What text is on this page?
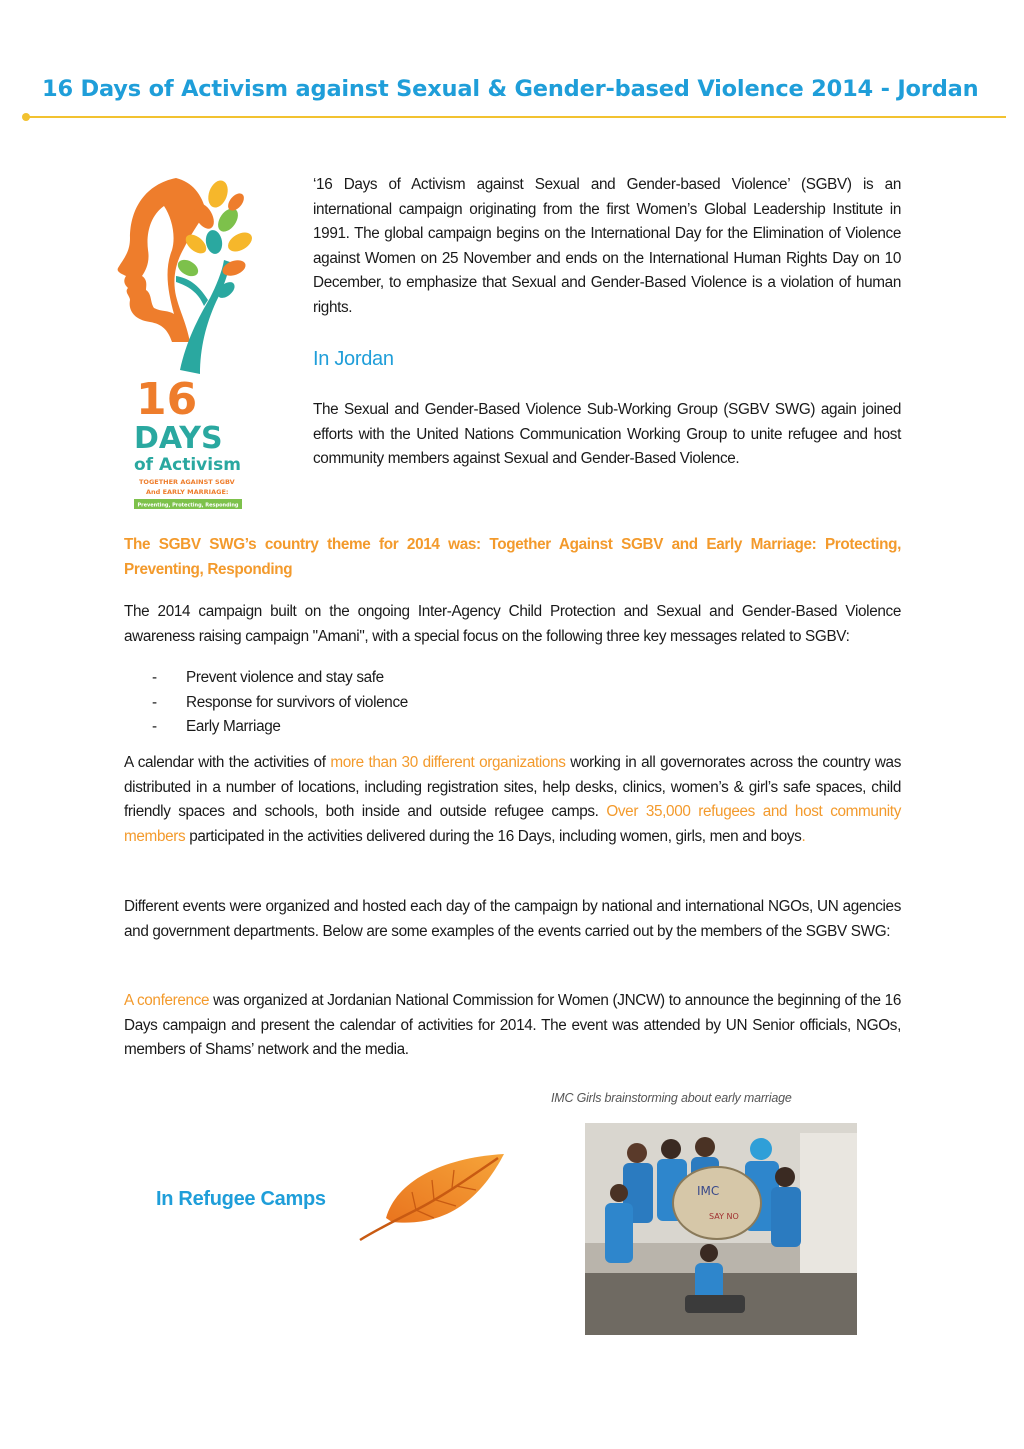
16 Days of Activism against Sexual & Gender-based Violence 2014 - Jordan
16
DAYS
of Activism
TOGETHER AGAINST SGBV
And EARLY MARRIAGE:
Preventing, Protecting, Responding

‘16 Days of Activism against Sexual and Gender-based Violence’ (SGBV) is an international campaign originating from the first Women’s Global Leadership Institute in 1991. The global campaign begins on the International Day for the Elimination of Violence against Women on 25 November and ends on the International Human Rights Day on 10 December, to emphasize that Sexual and Gender-Based Violence is a violation of human rights.

In Jordan

The Sexual and Gender-Based Violence Sub-Working Group (SGBV SWG) again joined efforts with the United Nations Communication Working Group to unite refugee and host community members against Sexual and Gender-Based Violence.

The SGBV SWG’s country theme for 2014 was: Together Against SGBV and Early Marriage: Protecting, Preventing, Responding

The 2014 campaign built on the ongoing Inter-Agency Child Protection and Sexual and Gender-Based Violence awareness raising campaign "Amani", with a special focus on the following three key messages related to SGBV:

- Prevent violence and stay safe
- Response for survivors of violence
- Early Marriage

A calendar with the activities of more than 30 different organizations working in all governorates across the country was distributed in a number of locations, including registration sites, help desks, clinics, women’s & girl’s safe spaces, child friendly spaces and schools, both inside and outside refugee camps. Over 35,000 refugees and host community members participated in the activities delivered during the 16 Days, including women, girls, men and boys.

Different events were organized and hosted each day of the campaign by national and international NGOs, UN agencies and government departments. Below are some examples of the events carried out by the members of the SGBV SWG:

A conference was organized at Jordanian National Commission for Women (JNCW) to announce the beginning of the 16 Days campaign and present the calendar of activities for 2014. The event was attended by UN Senior officials, NGOs, members of Shams’ network and the media.

IMC Girls brainstorming about early marriage

IMC
SAY NO
In Refugee Camps
